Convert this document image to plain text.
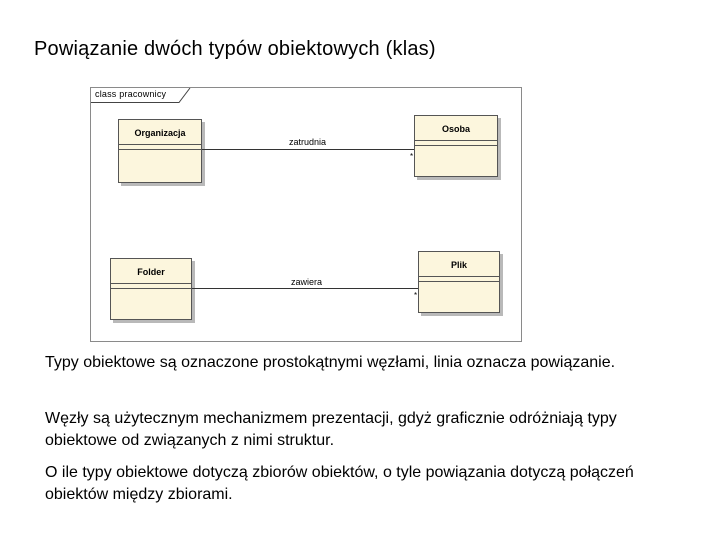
Powiązanie dwóch typów obiektowych (klas)
class pracownicy
Organizacja	Osoba
zatrudnia
*
Folder
Plik
zawiera
*

Typy obiektowe są oznaczone prostokątnymi węzłami, linia oznacza powiązanie.

Węzły są użytecznym mechanizmem prezentacji, gdyż graficznie odróżniają typy obiektowe od związanych z nimi struktur.

O ile typy obiektowe dotyczą zbiorów obiektów, o tyle powiązania dotyczą połączeń obiektów między zbiorami.
